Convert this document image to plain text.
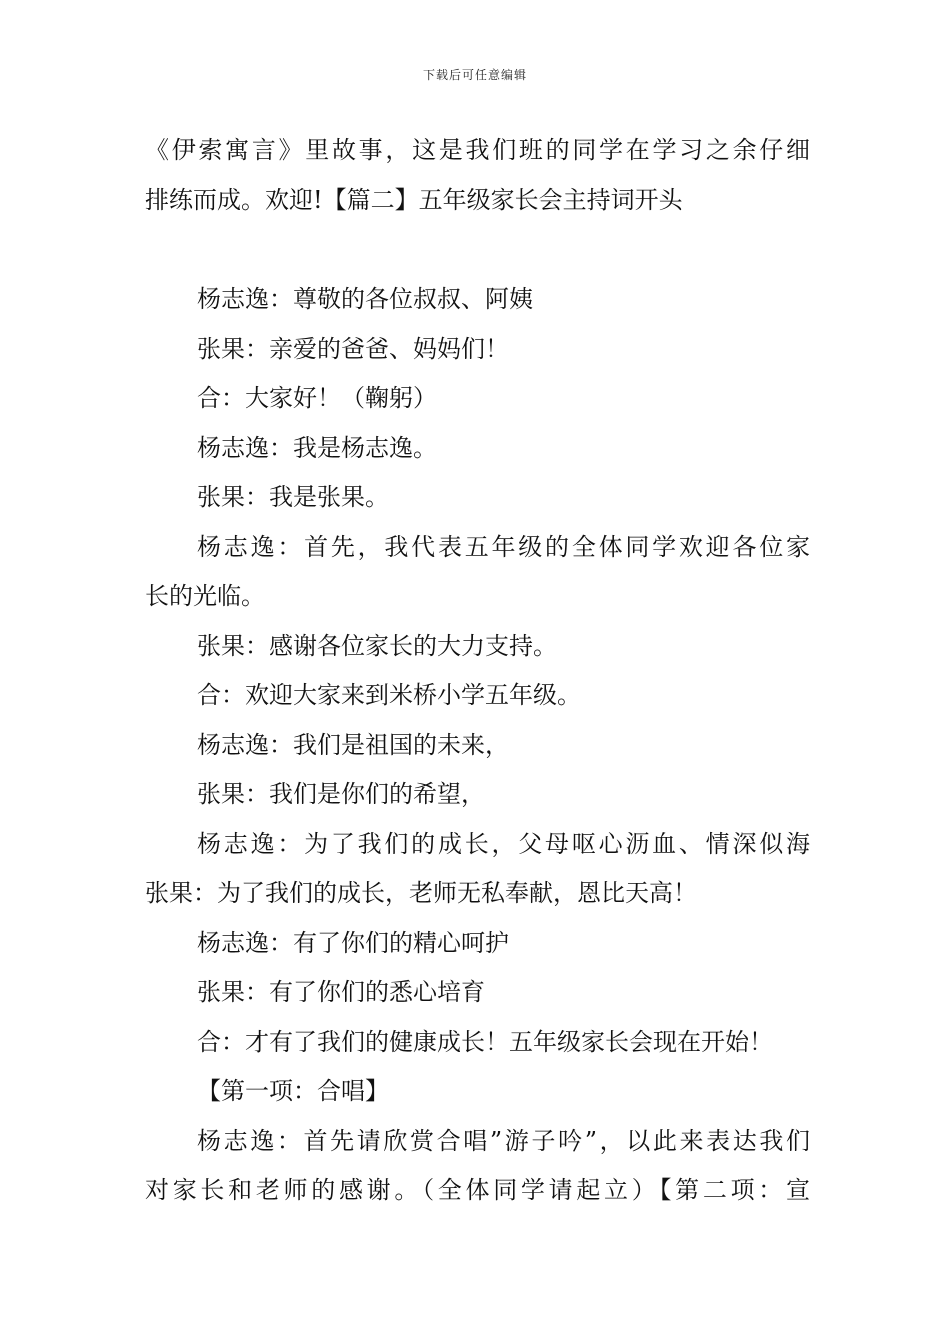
下载后可任意编辑
《伊索寓言》里故事，这是我们班的同学在学习之余仔细
排练而成。欢迎!【篇二】五年级家长会主持词开头
杨志逸：尊敬的各位叔叔、阿姨
张果：亲爱的爸爸、妈妈们！
合：大家好！（鞠躬）
杨志逸：我是杨志逸。
张果：我是张果。
杨志逸：首先，我代表五年级的全体同学欢迎各位家
长的光临。
张果：感谢各位家长的大力支持。
合：欢迎大家来到米桥小学五年级。
杨志逸：我们是祖国的未来，
张果：我们是你们的希望，
杨志逸：为了我们的成长，父母呕心沥血、情深似海
张果：为了我们的成长，老师无私奉献，恩比天高！
杨志逸：有了你们的精心呵护
张果：有了你们的悉心培育
合：才有了我们的健康成长！五年级家长会现在开始！
【第一项：合唱】
杨志逸：首先请欣赏合唱”游子吟”，以此来表达我们
对家长和老师的感谢。（全体同学请起立）【第二项：宣
